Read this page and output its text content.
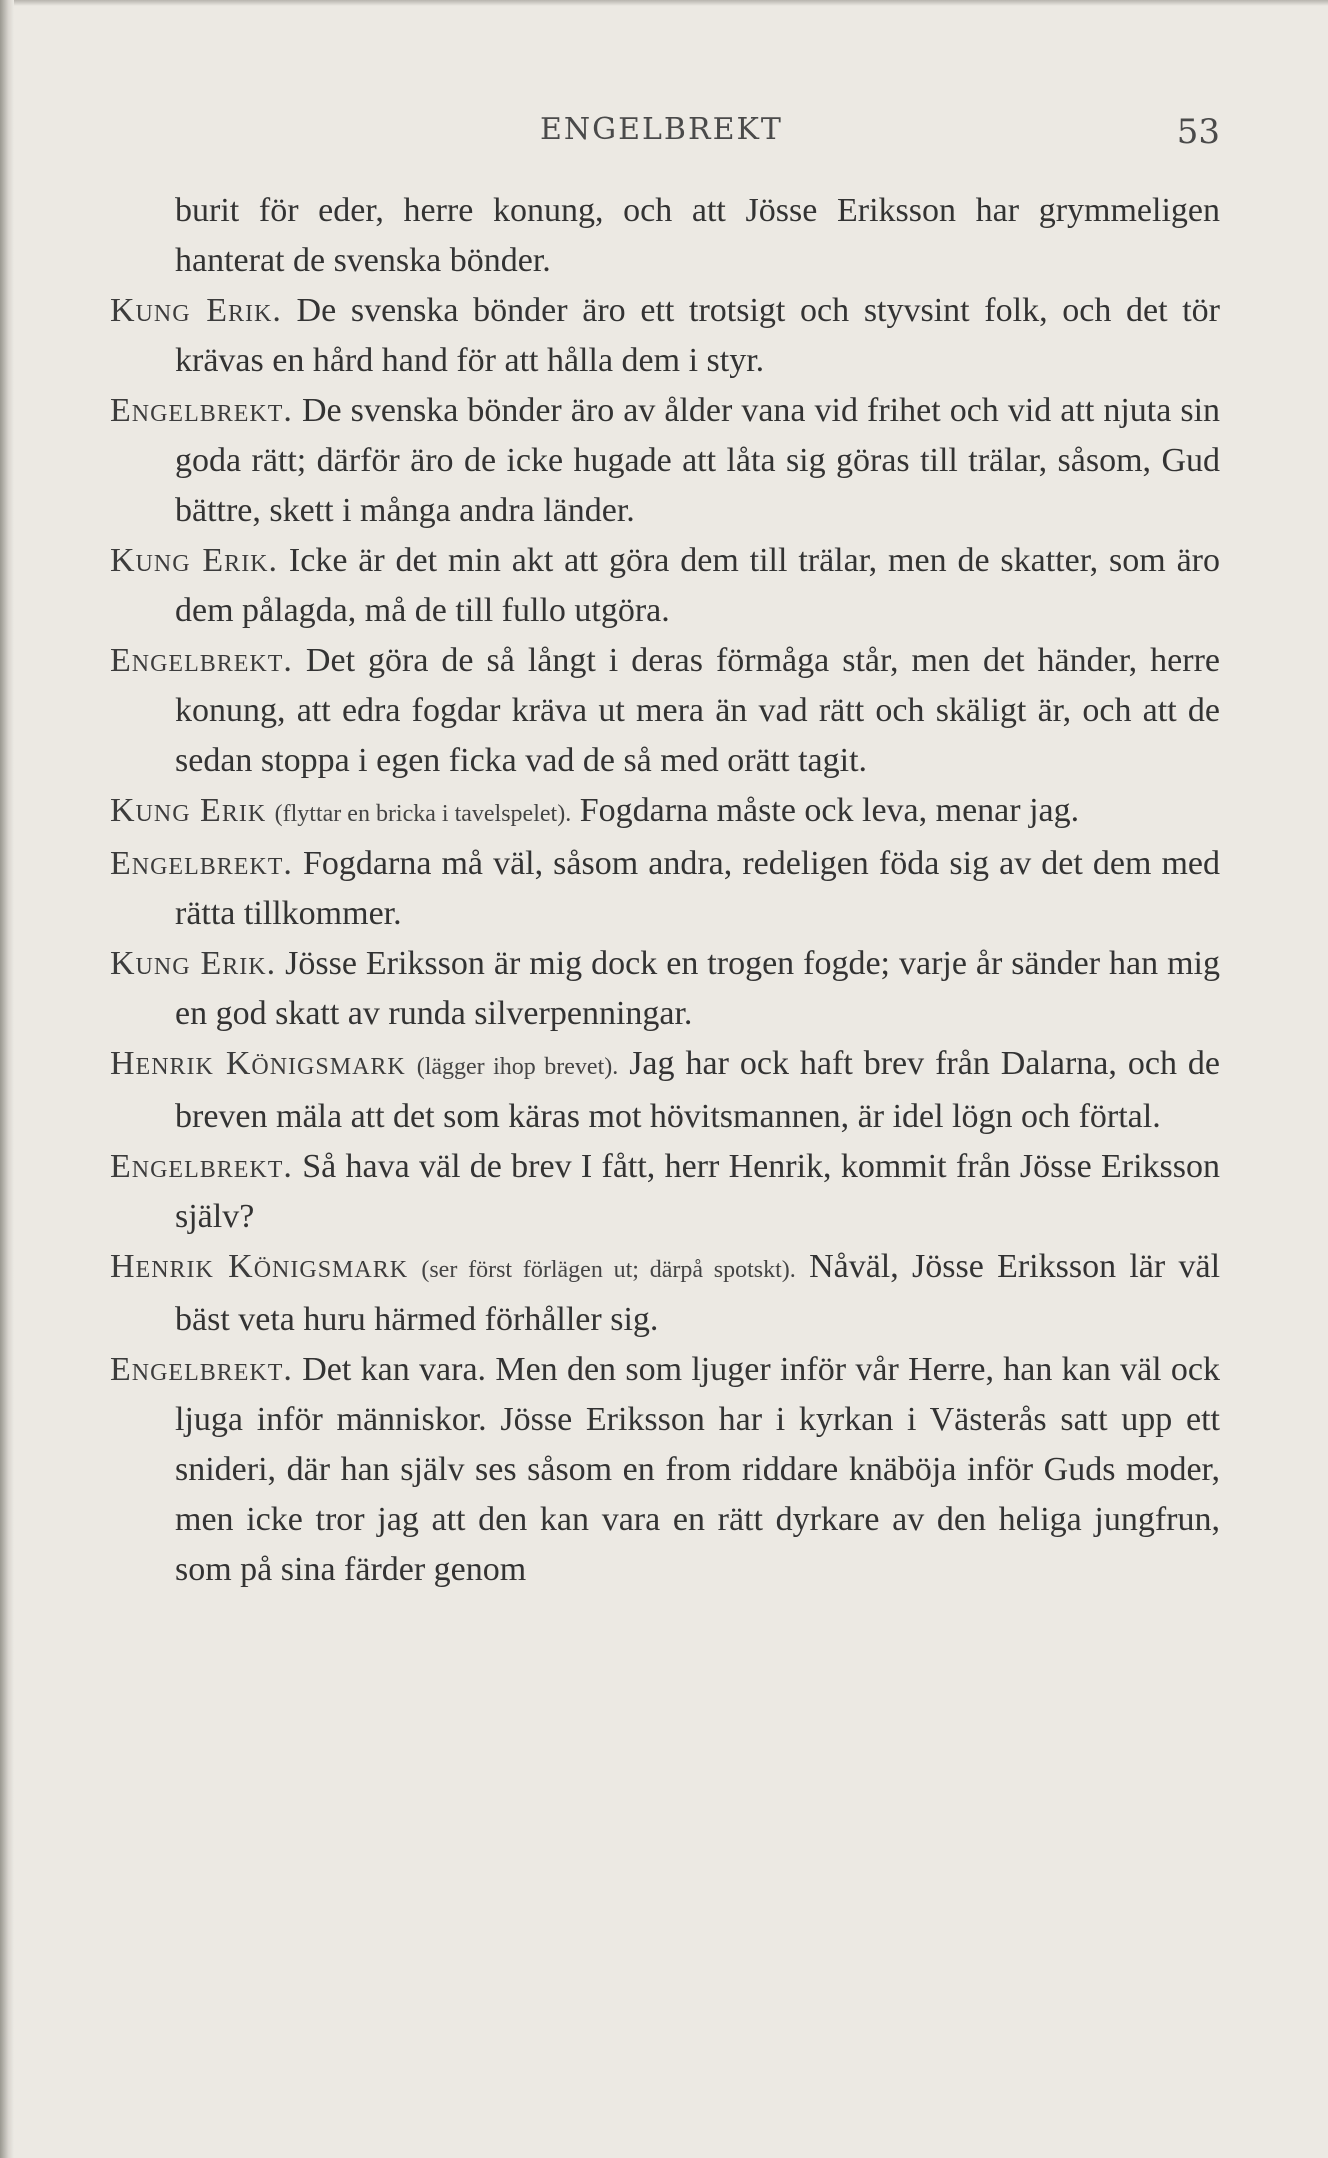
ENGELBREKT	53

burit för eder, herre konung, och att Jösse Eriksson har grymmeligen hanterat de svenska bönder.

Kung Erik. De svenska bönder äro ett trotsigt och styvsint folk, och det tör krävas en hård hand för att hålla dem i styr.

Engelbrekt. De svenska bönder äro av ålder vana vid frihet och vid att njuta sin goda rätt; därför äro de icke hugade att låta sig göras till trälar, såsom, Gud bättre, skett i många andra länder.

Kung Erik. Icke är det min akt att göra dem till trälar, men de skatter, som äro dem pålagda, må de till fullo utgöra.

Engelbrekt. Det göra de så långt i deras förmåga står, men det händer, herre konung, att edra fogdar kräva ut mera än vad rätt och skäligt är, och att de sedan stoppa i egen ficka vad de så med orätt tagit.

Kung Erik (flyttar en bricka i tavelspelet). Fogdarna måste ock leva, menar jag.

Engelbrekt. Fogdarna må väl, såsom andra, redeligen föda sig av det dem med rätta tillkommer.

Kung Erik. Jösse Eriksson är mig dock en trogen fogde; varje år sänder han mig en god skatt av runda silverpenningar.

Henrik Königsmark (lägger ihop brevet). Jag har ock haft brev från Dalarna, och de breven mäla att det som käras mot hövitsmannen, är idel lögn och förtal.

Engelbrekt. Så hava väl de brev I fått, herr Henrik, kommit från Jösse Eriksson själv?

Henrik Königsmark (ser först förlägen ut; därpå spotskt). Nåväl, Jösse Eriksson lär väl bäst veta huru härmed förhåller sig.

Engelbrekt. Det kan vara. Men den som ljuger inför vår Herre, han kan väl ock ljuga inför människor. Jösse Eriksson har i kyrkan i Västerås satt upp ett snideri, där han själv ses såsom en from riddare knäböja inför Guds moder, men icke tror jag att den kan vara en rätt dyrkare av den heliga jungfrun, som på sina färder genom
